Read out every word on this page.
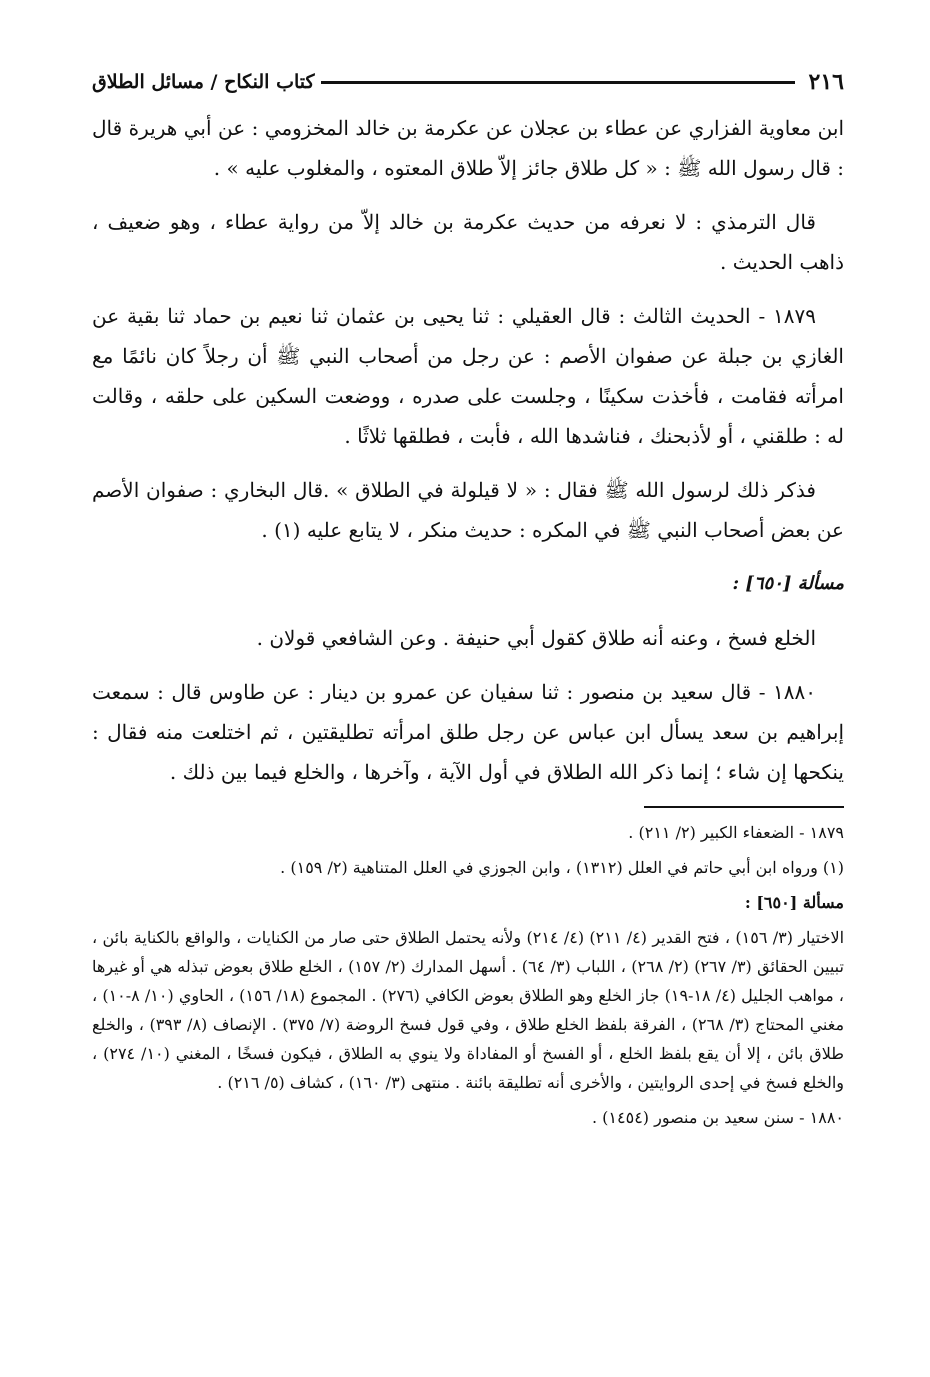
٢١٦
كتاب النكاح / مسائل الطلاق

ابن معاوية الفزاري عن عطاء بن عجلان عن عكرمة بن خالد المخزومي : عن أبي هريرة قال : قال رسول الله ﷺ : « كل طلاق جائز إلاّ طلاق المعتوه ، والمغلوب عليه » .

قال الترمذي : لا نعرفه من حديث عكرمة بن خالد إلاّ من رواية عطاء ، وهو ضعيف ، ذاهب الحديث .

١٨٧٩ - الحديث الثالث : قال العقيلي : ثنا يحيى بن عثمان ثنا نعيم بن حماد ثنا بقية عن الغازي بن جبلة عن صفوان الأصم : عن رجل من أصحاب النبي ﷺ أن رجلاً كان نائمًا مع امرأته فقامت ، فأخذت سكينًا ، وجلست على صدره ، ووضعت السكين على حلقه ، وقالت له : طلقني ، أو لأذبحنك ، فناشدها الله ، فأبت ، فطلقها ثلاثًا .

فذكر ذلك لرسول الله ﷺ فقال : « لا قيلولة في الطلاق » .قال البخاري : صفوان الأصم عن بعض أصحاب النبي ﷺ في المكره : حديث منكر ، لا يتابع عليه (١) .

مسألة [٦٥٠] :

الخلع فسخ ، وعنه أنه طلاق كقول أبي حنيفة . وعن الشافعي قولان .

١٨٨٠ - قال سعيد بن منصور : ثنا سفيان عن عمرو بن دينار : عن طاوس قال : سمعت إبراهيم بن سعد يسأل ابن عباس عن رجل طلق امرأته تطليقتين ، ثم اختلعت منه فقال : ينكحها إن شاء ؛ إنما ذكر الله الطلاق في أول الآية ، وآخرها ، والخلع فيما بين ذلك .

١٨٧٩ - الضعفاء الكبير (٢/ ٢١١) .

(١) ورواه ابن أبي حاتم في العلل (١٣١٢) ، وابن الجوزي في العلل المتناهية (٢/ ١٥٩) .

مسألة [٦٥٠] :

الاختيار (٣/ ١٥٦) ، فتح القدير (٤/ ٢١١) (٤/ ٢١٤) ولأنه يحتمل الطلاق حتى صار من الكنايات ، والواقع بالكناية بائن ، تبيين الحقائق (٣/ ٢٦٧) (٢/ ٢٦٨) ، اللباب (٣/ ٦٤) . أسهل المدارك (٢/ ١٥٧) ، الخلع طلاق بعوض تبذله هي أو غيرها ، مواهب الجليل (٤/ ١٨-١٩) جاز الخلع وهو الطلاق بعوض الكافي (٢٧٦) . المجموع (١٨/ ١٥٦) ، الحاوي (١٠/ ٨-١٠) ، مغني المحتاج (٣/ ٢٦٨) ، الفرقة بلفظ الخلع طلاق ، وفي قول فسخ الروضة (٧/ ٣٧٥) . الإنصاف (٨/ ٣٩٣) ، والخلع طلاق بائن ، إلا أن يقع بلفظ الخلع ، أو الفسخ أو المفاداة ولا ينوي به الطلاق ، فيكون فسخًا ، المغني (١٠/ ٢٧٤) ، والخلع فسخ في إحدى الروايتين ، والأخرى أنه تطليقة بائنة . منتهى (٣/ ١٦٠) ، كشاف (٥/ ٢١٦) .

١٨٨٠ - سنن سعيد بن منصور (١٤٥٤) .
